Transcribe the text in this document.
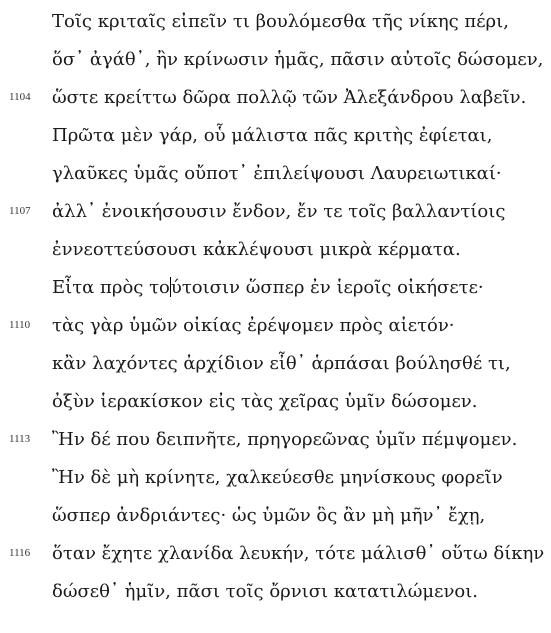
Τοῖς κριταῖς εἰπεῖν τι βουλόμεσθα τῆς νίκης πέρι,
ὅσ᾽ ἀγάθ᾽, ἢν κρίνωσιν ἡμᾶς, πᾶσιν αὐτοῖς δώσομεν,
1104 ὥστε κρείττω δῶρα πολλῷ τῶν Ἀλεξάνδρου λαβεῖν.
Πρῶτα μὲν γάρ, οὗ μάλιστα πᾶς κριτὴς ἐφίεται,
γλαῦκες ὑμᾶς οὔποτ᾽ ἐπιλείψουσι Λαυρειωτικαί·
1107 ἀλλ᾽ ἐνοικήσουσιν ἔνδον, ἔν τε τοῖς βαλλαντίοις
ἐννεοττεύσουσι κἀκλέψουσι μικρὰ κέρματα.
Εἶτα πρὸς τούτοισιν ὥσπερ ἐν ἱεροῖς οἰκήσετε·
1110 τὰς γὰρ ὑμῶν οἰκίας ἐρέψομεν πρὸς αἰετόν·
κἂν λαχόντες ἀρχίδιον εἶθ᾽ ἁρπάσαι βούλησθέ τι,
ὀξὺν ἱερακίσκον εἰς τὰς χεῖρας ὑμῖν δώσομεν.
1113 Ἢν δέ που δειπνῆτε, πρηγορεῶνας ὑμῖν πέμψομεν.
Ἢν δὲ μὴ κρίνητε, χαλκεύεσθε μηνίσκους φορεῖν
ὥσπερ ἀνδριάντες· ὡς ὑμῶν ὃς ἂν μὴ μῆν᾽ ἔχῃ,
1116 ὅταν ἔχητε χλανίδα λευκήν, τότε μάλισθ᾽ οὕτω δίκην
δώσεθ᾽ ἡμῖν, πᾶσι τοῖς ὄρνισι κατατιλώμενοι.
